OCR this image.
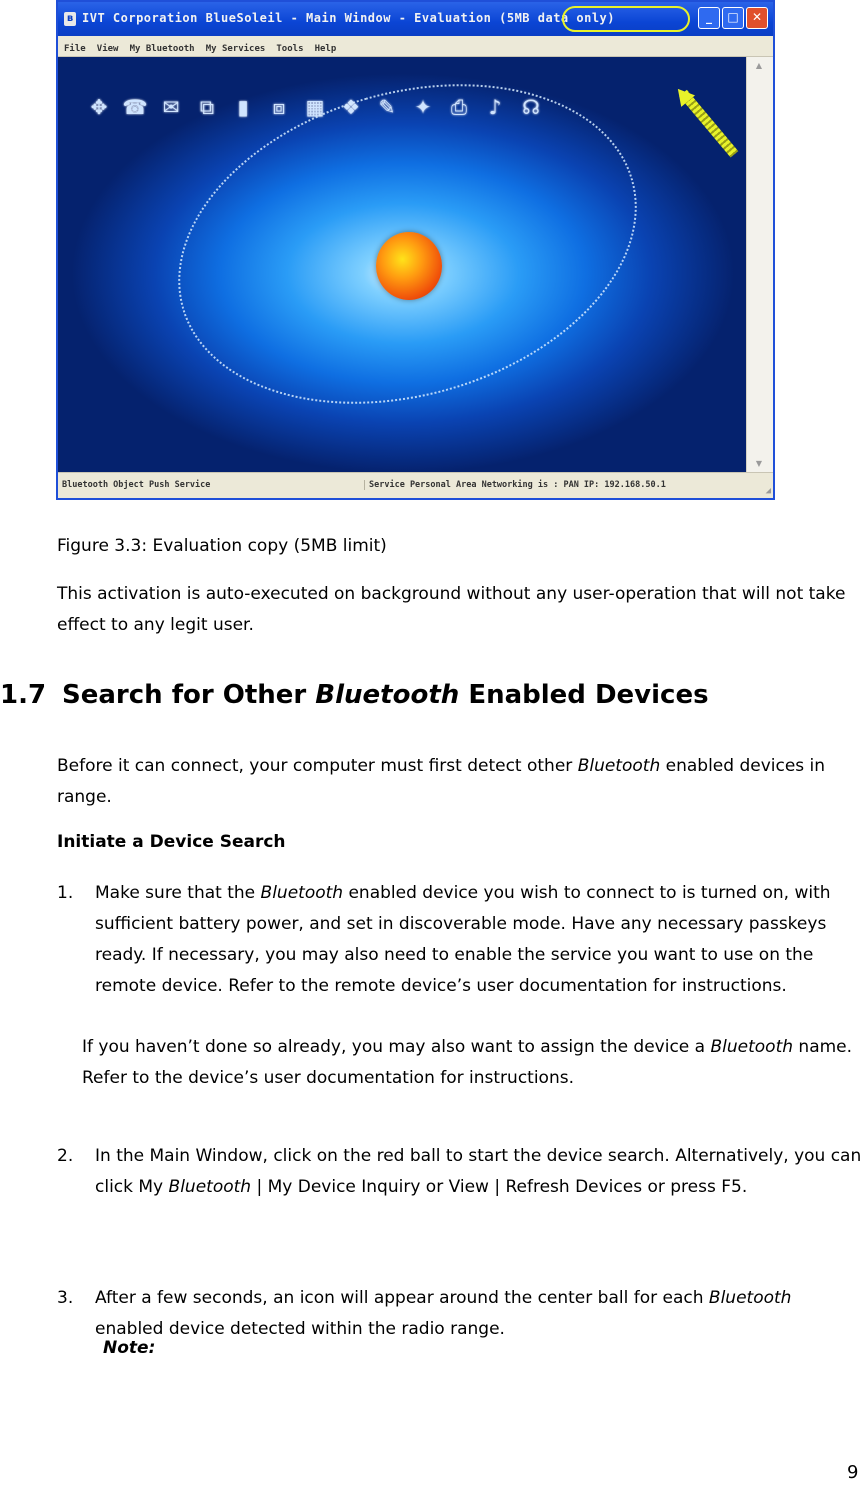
ʙ IVT Corporation BlueSoleil - Main Window - Evaluation (5MB data only)	_	□	✕
File View My Bluetooth My Services Tools Help
✥ ☎ ✉	⧉	▮	⧈	▦ ❖ ✎ ✦ ⎙	♪	☊
▲
▼
Bluetooth Object Push Service	Service Personal Area Networking is : PAN IP: 192.168.50.1
◢
Figure 3.3: Evaluation copy (5MB limit)
This activation is auto-executed on background without any user-operation that will not take effect to any legit user.
1.7 Search for Other Bluetooth Enabled Devices
Before it can connect, your computer must first detect other Bluetooth enabled devices in range.
Initiate a Device Search
1. Make sure that the Bluetooth enabled device you wish to connect to is turned on, with sufficient battery power, and set in discoverable mode. Have any necessary passkeys ready. If necessary, you may also need to enable the service you want to use on the remote device. Refer to the remote device’s user documentation for instructions.
If you haven’t done so already, you may also want to assign the device a Bluetooth name. Refer to the device’s user documentation for instructions.
2. In the Main Window, click on the red ball to start the device search. Alternatively, you can click My Bluetooth | My Device Inquiry or View | Refresh Devices or press F5.
3. After a few seconds, an icon will appear around the center ball for each Bluetooth enabled device detected within the radio range.
Note:
9
